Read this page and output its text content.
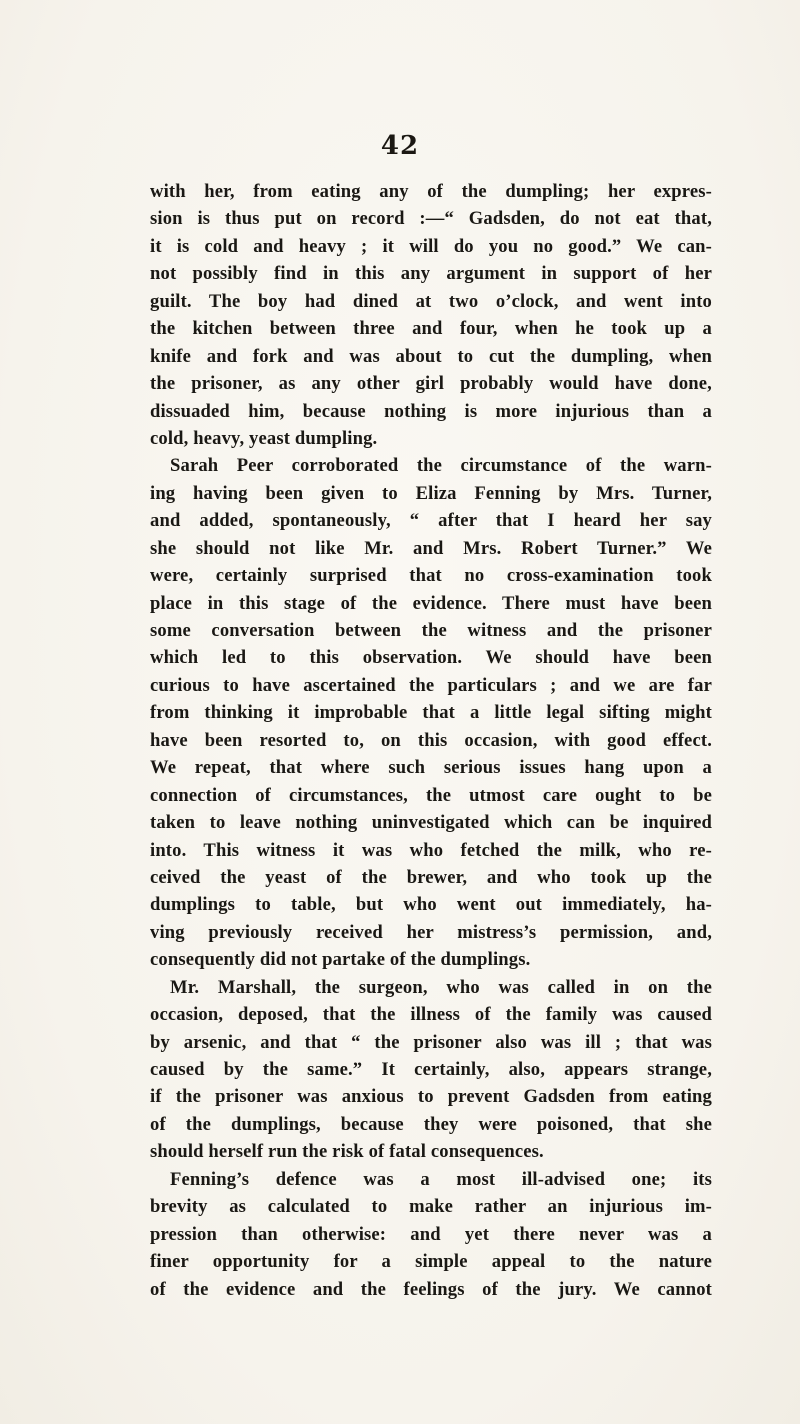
42
with her, from eating any of the dumpling; her expres-
sion is thus put on record :—“ Gadsden, do not eat that,
it is cold and heavy ; it will do you no good.” We can-
not possibly find in this any argument in support of her
guilt. The boy had dined at two o’clock, and went into
the kitchen between three and four, when he took up a
knife and fork and was about to cut the dumpling, when
the prisoner, as any other girl probably would have done,
dissuaded him, because nothing is more injurious than a
cold, heavy, yeast dumpling.
Sarah Peer corroborated the circumstance of the warn-
ing having been given to Eliza Fenning by Mrs. Turner,
and added, spontaneously, “ after that I heard her say
she should not like Mr. and Mrs. Robert Turner.” We
were, certainly surprised that no cross-examination took
place in this stage of the evidence. There must have been
some conversation between the witness and the prisoner
which led to this observation. We should have been
curious to have ascertained the particulars ; and we are far
from thinking it improbable that a little legal sifting might
have been resorted to, on this occasion, with good effect.
We repeat, that where such serious issues hang upon a
connection of circumstances, the utmost care ought to be
taken to leave nothing uninvestigated which can be inquired
into. This witness it was who fetched the milk, who re-
ceived the yeast of the brewer, and who took up the
dumplings to table, but who went out immediately, ha-
ving previously received her mistress’s permission, and,
consequently did not partake of the dumplings.
Mr. Marshall, the surgeon, who was called in on the
occasion, deposed, that the illness of the family was caused
by arsenic, and that “ the prisoner also was ill ; that was
caused by the same.” It certainly, also, appears strange,
if the prisoner was anxious to prevent Gadsden from eating
of the dumplings, because they were poisoned, that she
should herself run the risk of fatal consequences.
Fenning’s defence was a most ill-advised one; its
brevity as calculated to make rather an injurious im-
pression than otherwise: and yet there never was a
finer opportunity for a simple appeal to the nature
of the evidence and the feelings of the jury. We cannot
